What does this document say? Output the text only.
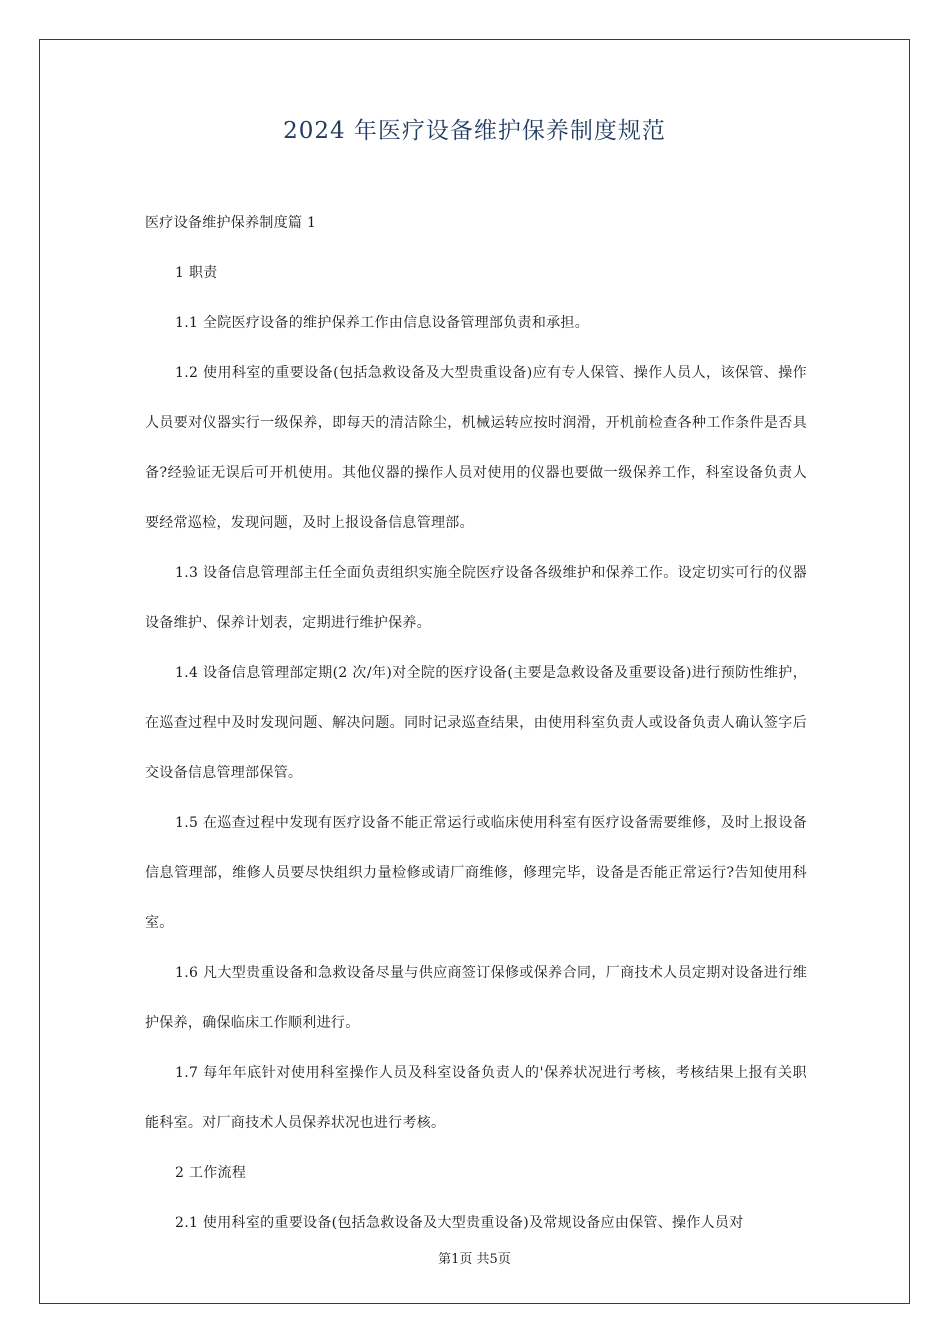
2024 年医疗设备维护保养制度规范

医疗设备维护保养制度篇 1

1 职责

1.1 全院医疗设备的维护保养工作由信息设备管理部负责和承担。

1.2 使用科室的重要设备(包括急救设备及大型贵重设备)应有专人保管、操作人员人，该保管、操作人员要对仪器实行一级保养，即每天的清洁除尘，机械运转应按时润滑，开机前检查各种工作条件是否具备?经验证无误后可开机使用。其他仪器的操作人员对使用的仪器也要做一级保养工作，科室设备负责人要经常巡检，发现问题，及时上报设备信息管理部。

1.3 设备信息管理部主任全面负责组织实施全院医疗设备各级维护和保养工作。设定切实可行的仪器设备维护、保养计划表，定期进行维护保养。

1.4 设备信息管理部定期(2 次/年)对全院的医疗设备(主要是急救设备及重要设备)进行预防性维护，在巡查过程中及时发现问题、解决问题。同时记录巡查结果，由使用科室负责人或设备负责人确认签字后交设备信息管理部保管。

1.5 在巡查过程中发现有医疗设备不能正常运行或临床使用科室有医疗设备需要维修，及时上报设备信息管理部，维修人员要尽快组织力量检修或请厂商维修，修理完毕，设备是否能正常运行?告知使用科室。

1.6 凡大型贵重设备和急救设备尽量与供应商签订保修或保养合同，厂商技术人员定期对设备进行维护保养，确保临床工作顺利进行。

1.7 每年年底针对使用科室操作人员及科室设备负责人的'保养状况进行考核，考核结果上报有关职能科室。对厂商技术人员保养状况也进行考核。

2 工作流程

2.1 使用科室的重要设备(包括急救设备及大型贵重设备)及常规设备应由保管、操作人员对

第1页 共5页
